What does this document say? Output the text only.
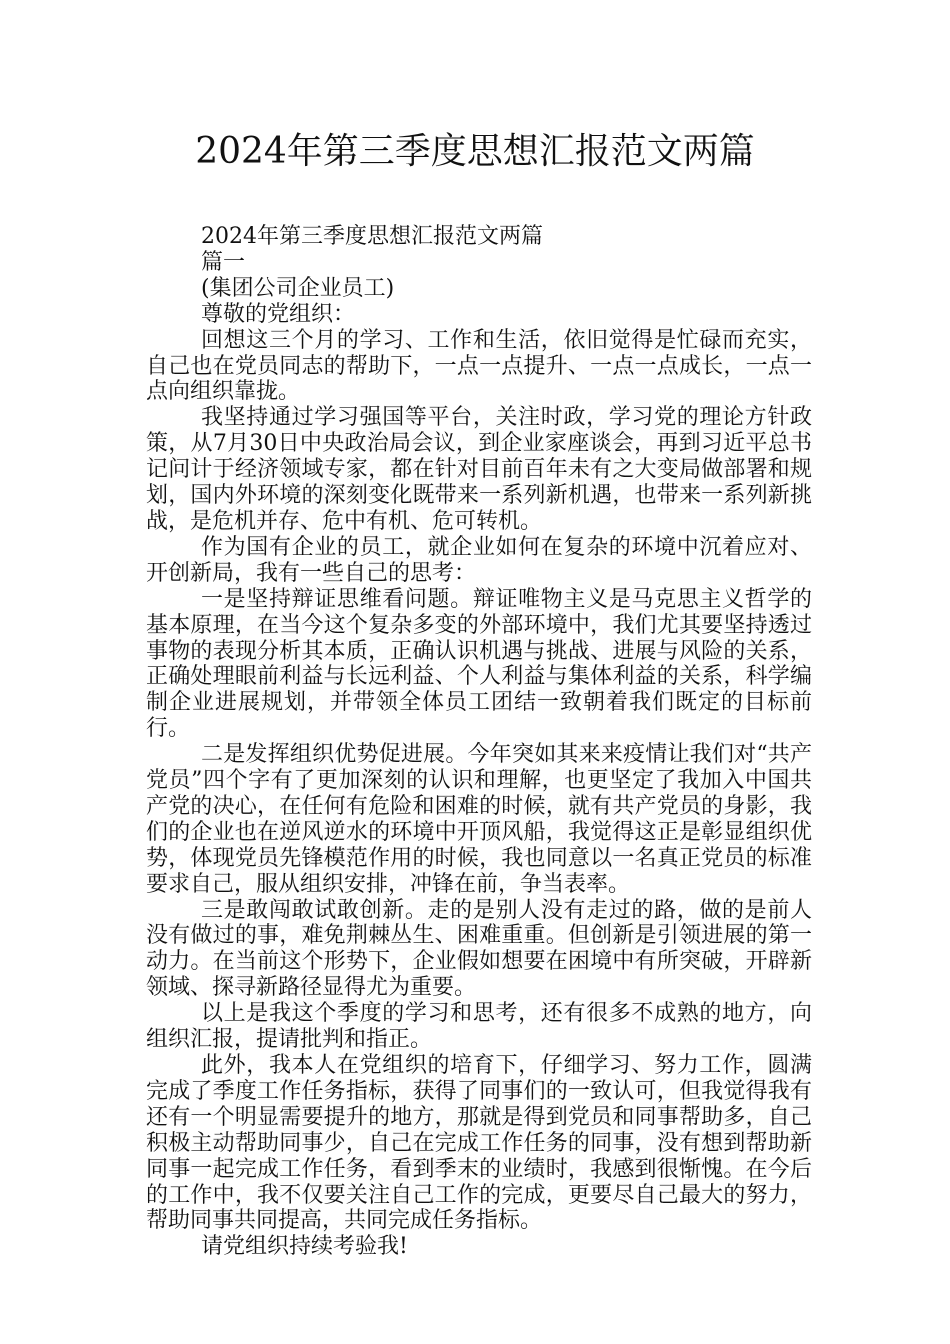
2024年第三季度思想汇报范文两篇

2024年第三季度思想汇报范文两篇

篇一

(集团公司企业员工)

尊敬的党组织：

回想这三个月的学习、工作和生活，依旧觉得是忙碌而充实，自己也在党员同志的帮助下，一点一点提升、一点一点成长，一点一点向组织靠拢。

我坚持通过学习强国等平台，关注时政，学习党的理论方针政策，从7月30日中央政治局会议，到企业家座谈会，再到习近平总书记问计于经济领域专家，都在针对目前百年未有之大变局做部署和规划，国内外环境的深刻变化既带来一系列新机遇，也带来一系列新挑战，是危机并存、危中有机、危可转机。

作为国有企业的员工，就企业如何在复杂的环境中沉着应对、开创新局，我有一些自己的思考：

一是坚持辩证思维看问题。辩证唯物主义是马克思主义哲学的基本原理，在当今这个复杂多变的外部环境中，我们尤其要坚持透过事物的表现分析其本质，正确认识机遇与挑战、进展与风险的关系，正确处理眼前利益与长远利益、个人利益与集体利益的关系，科学编制企业进展规划，并带领全体员工团结一致朝着我们既定的目标前行。

二是发挥组织优势促进展。今年突如其来来疫情让我们对“共产党员”四个字有了更加深刻的认识和理解，也更坚定了我加入中国共产党的决心，在任何有危险和困难的时候，就有共产党员的身影，我们的企业也在逆风逆水的环境中开顶风船，我觉得这正是彰显组织优势，体现党员先锋模范作用的时候，我也同意以一名真正党员的标准要求自己，服从组织安排，冲锋在前，争当表率。

三是敢闯敢试敢创新。走的是别人没有走过的路，做的是前人没有做过的事，难免荆棘丛生、困难重重。但创新是引领进展的第一动力。在当前这个形势下，企业假如想要在困境中有所突破，开辟新领域、探寻新路径显得尤为重要。

以上是我这个季度的学习和思考，还有很多不成熟的地方，向组织汇报，提请批判和指正。

此外，我本人在党组织的培育下，仔细学习、努力工作，圆满完成了季度工作任务指标，获得了同事们的一致认可，但我觉得我有还有一个明显需要提升的地方，那就是得到党员和同事帮助多，自己积极主动帮助同事少，自己在完成工作任务的同事，没有想到帮助新同事一起完成工作任务，看到季末的业绩时，我感到很惭愧。在今后的工作中，我不仅要关注自己工作的完成，更要尽自己最大的努力，帮助同事共同提高，共同完成任务指标。

请党组织持续考验我!
